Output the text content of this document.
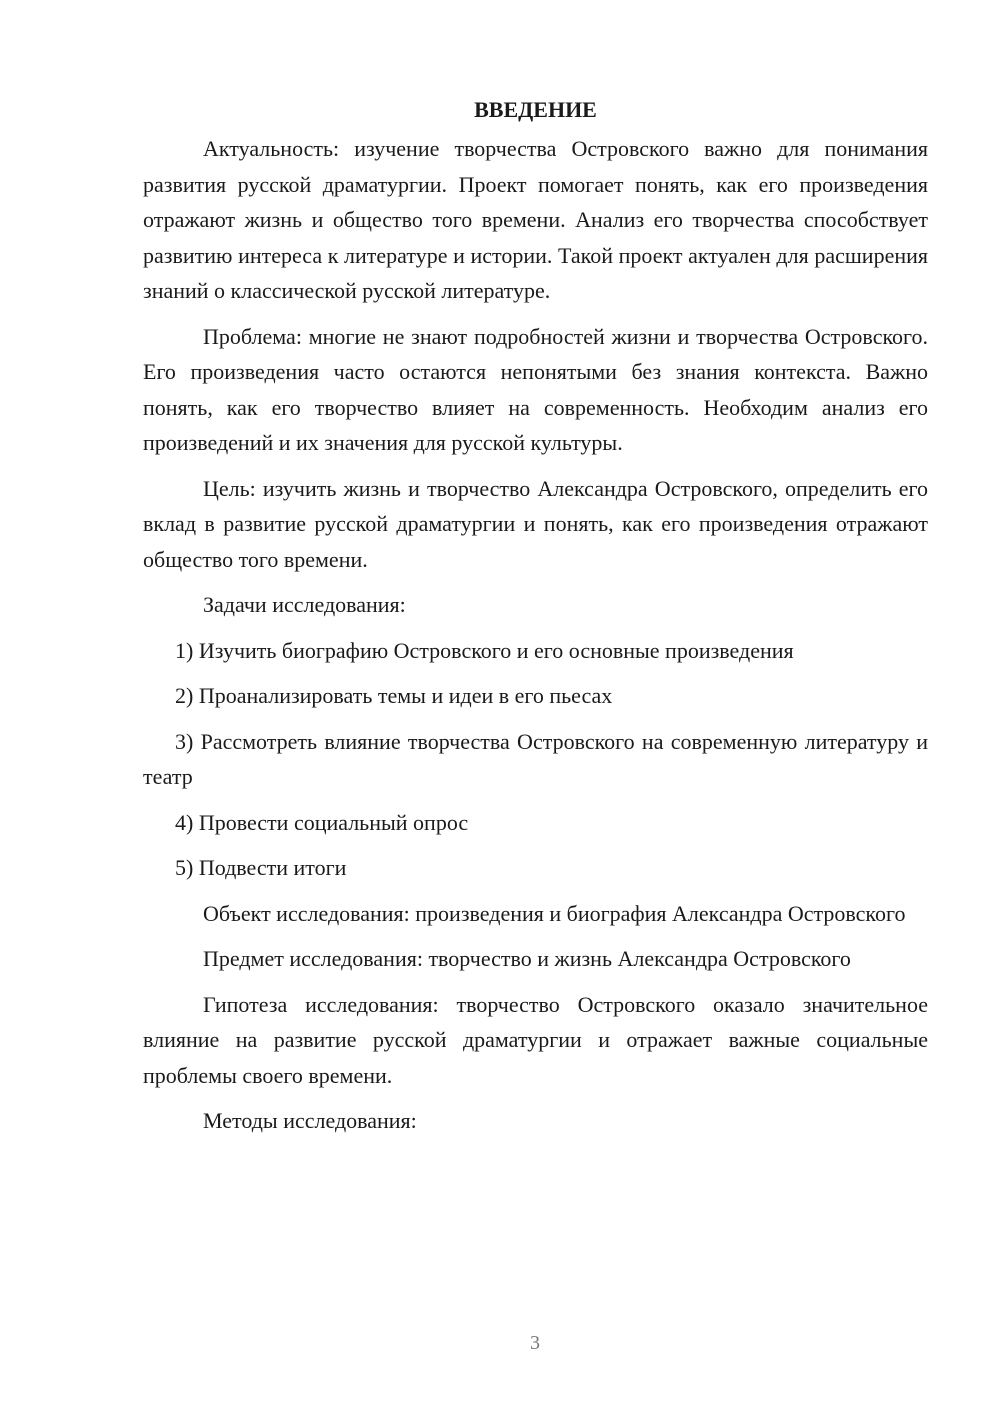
ВВЕДЕНИЕ

Актуальность: изучение творчества Островского важно для понимания развития русской драматургии. Проект помогает понять, как его произведения отражают жизнь и общество того времени. Анализ его творчества способствует развитию интереса к литературе и истории. Такой проект актуален для расширения знаний о классической русской литературе.

Проблема: многие не знают подробностей жизни и творчества Островского. Его произведения часто остаются непонятыми без знания контекста. Важно понять, как его творчество влияет на современность. Необходим анализ его произведений и их значения для русской культуры.

Цель: изучить жизнь и творчество Александра Островского, определить его вклад в развитие русской драматургии и понять, как его произведения отражают общество того времени.

Задачи исследования:

1) Изучить биографию Островского и его основные произведения

2) Проанализировать темы и идеи в его пьесах

3) Рассмотреть влияние творчества Островского на современную литературу и театр

4) Провести социальный опрос

5) Подвести итоги

Объект исследования: произведения и биография Александра Островского

Предмет исследования: творчество и жизнь Александра Островского

Гипотеза исследования: творчество Островского оказало значительное влияние на развитие русской драматургии и отражает важные социальные проблемы своего времени.

Методы исследования:

3
